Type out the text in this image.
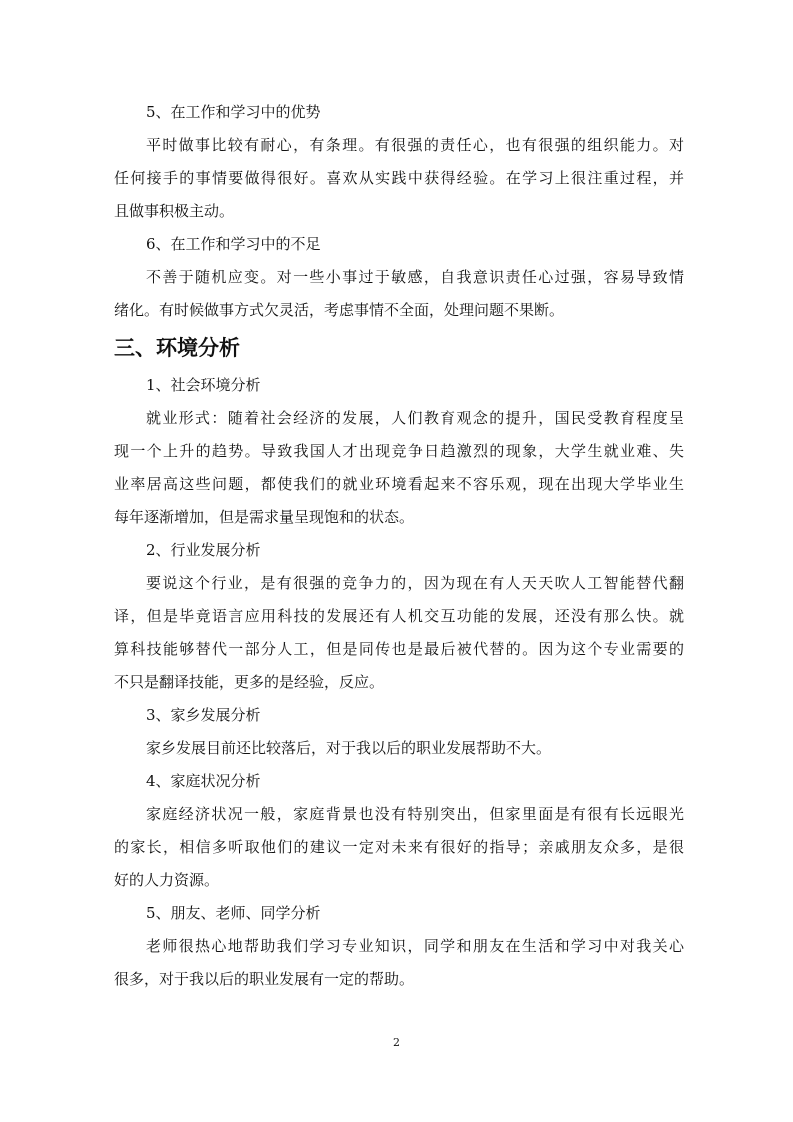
5、在工作和学习中的优势

平时做事比较有耐心，有条理。有很强的责任心，也有很强的组织能力。对
任何接手的事情要做得很好。喜欢从实践中获得经验。在学习上很注重过程，并
且做事积极主动。

6、在工作和学习中的不足

不善于随机应变。对一些小事过于敏感，自我意识责任心过强，容易导致情
绪化。有时候做事方式欠灵活，考虑事情不全面，处理问题不果断。

三、环境分析

1、社会环境分析

就业形式：随着社会经济的发展，人们教育观念的提升，国民受教育程度呈
现一个上升的趋势。导致我国人才出现竞争日趋激烈的现象，大学生就业难、失
业率居高这些问题，都使我们的就业环境看起来不容乐观，现在出现大学毕业生
每年逐渐增加，但是需求量呈现饱和的状态。

2、行业发展分析

要说这个行业，是有很强的竞争力的，因为现在有人天天吹人工智能替代翻
译，但是毕竟语言应用科技的发展还有人机交互功能的发展，还没有那么快。就
算科技能够替代一部分人工，但是同传也是最后被代替的。因为这个专业需要的
不只是翻译技能，更多的是经验，反应。

3、家乡发展分析

家乡发展目前还比较落后，对于我以后的职业发展帮助不大。

4、家庭状况分析

家庭经济状况一般，家庭背景也没有特别突出，但家里面是有很有长远眼光
的家长，相信多听取他们的建议一定对未来有很好的指导；亲戚朋友众多，是很
好的人力资源。

5、朋友、老师、同学分析

老师很热心地帮助我们学习专业知识，同学和朋友在生活和学习中对我关心
很多，对于我以后的职业发展有一定的帮助。

2
